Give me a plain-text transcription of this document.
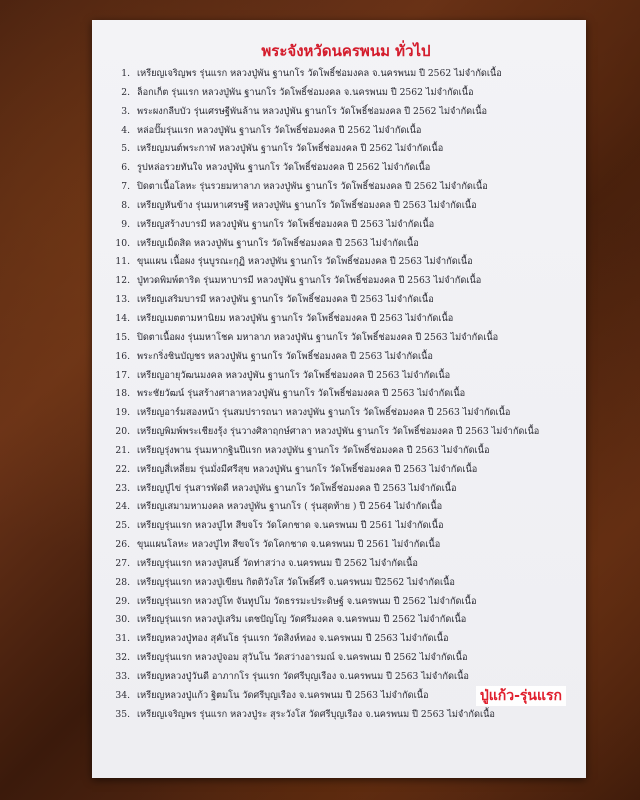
พระจังหวัดนครพนม ทั่วไป
1. เหรียญเจริญพร รุ่นแรก หลวงปู่พัน ฐานกโร วัดโพธิ์ช่อมงคล จ.นครพนม ปี 2562 ไม่จำกัดเนื้อ
2. ล็อกเก็ต รุ่นแรก หลวงปู่พัน ฐานกโร วัดโพธิ์ช่อมงคล จ.นครพนม ปี 2562 ไม่จำกัดเนื้อ
3. พระผงกลีบบัว รุ่นเศรษฐีพันล้าน หลวงปู่พัน ฐานกโร วัดโพธิ์ช่อมงคล ปี 2562 ไม่จำกัดเนื้อ
4. หล่อปั๊มรุ่นแรก หลวงปู่พัน ฐานกโร วัดโพธิ์ช่อมงคล ปี 2562 ไม่จำกัดเนื้อ
5. เหรียญมนต์พระกาฬ หลวงปู่พัน ฐานกโร วัดโพธิ์ช่อมงคล ปี 2562 ไม่จำกัดเนื้อ
6. รูปหล่อรวยทันใจ หลวงปู่พัน ฐานกโร วัดโพธิ์ช่อมงคล ปี 2562 ไม่จำกัดเนื้อ
7. ปิดตาเนื้อโลหะ รุ่นรวยมหาลาภ หลวงปู่พัน ฐานกโร วัดโพธิ์ช่อมงคล ปี 2562 ไม่จำกัดเนื้อ
8. เหรียญหันข้าง รุ่นมหาเศรษฐี หลวงปู่พัน ฐานกโร วัดโพธิ์ช่อมงคล ปี 2563 ไม่จำกัดเนื้อ
9. เหรียญสร้างบารมี หลวงปู่พัน ฐานกโร วัดโพธิ์ช่อมงคล ปี 2563 ไม่จำกัดเนื้อ
10. เหรียญเม็ดสิด หลวงปู่พัน ฐานกโร วัดโพธิ์ช่อมงคล ปี 2563 ไม่จำกัดเนื้อ
11. ขุนแผน เนื้อผง รุ่นบูรณะกุฏิ หลวงปู่พัน ฐานกโร วัดโพธิ์ช่อมงคล ปี 2563 ไม่จำกัดเนื้อ
12. ปู่ทวดพิมพ์ตาริด รุ่นมหาบารมี หลวงปู่พัน ฐานกโร วัดโพธิ์ช่อมงคล ปี 2563 ไม่จำกัดเนื้อ
13. เหรียญเสริมบารมี หลวงปู่พัน ฐานกโร วัดโพธิ์ช่อมงคล ปี 2563 ไม่จำกัดเนื้อ
14. เหรียญเมตตามหานิยม หลวงปู่พัน ฐานกโร วัดโพธิ์ช่อมงคล ปี 2563 ไม่จำกัดเนื้อ
15. ปิดตาเนื้อผง รุ่นมหาโชค มหาลาภ หลวงปู่พัน ฐานกโร วัดโพธิ์ช่อมงคล ปี 2563 ไม่จำกัดเนื้อ
16. พระกริ่งชินบัญชร หลวงปู่พัน ฐานกโร วัดโพธิ์ช่อมงคล ปี 2563 ไม่จำกัดเนื้อ
17. เหรียญอายุวัฒนมงคล หลวงปู่พัน ฐานกโร วัดโพธิ์ช่อมงคล ปี 2563 ไม่จำกัดเนื้อ
18. พระชัยวัฒน์ รุ่นสร้างศาลาหลวงปู่พัน ฐานกโร วัดโพธิ์ช่อมงคล ปี 2563 ไม่จำกัดเนื้อ
19. เหรียญอาร์มสองหน้า รุ่นสมปรารถนา หลวงปู่พัน ฐานกโร วัดโพธิ์ช่อมงคล ปี 2563 ไม่จำกัดเนื้อ
20. เหรียญพิมพ์พระเชียงรุ้ง รุ่นวางศิลาฤกษ์ศาลา หลวงปู่พัน ฐานกโร วัดโพธิ์ช่อมงคล ปี 2563 ไม่จำกัดเนื้อ
21. เหรียญรุ่งพาน รุ่นมหากฐินปีแรก หลวงปู่พัน ฐานกโร วัดโพธิ์ช่อมงคล ปี 2563 ไม่จำกัดเนื้อ
22. เหรียญสี่เหลี่ยม รุ่นมั่งมีศรีสุข หลวงปู่พัน ฐานกโร วัดโพธิ์ช่อมงคล ปี 2563 ไม่จำกัดเนื้อ
23. เหรียญปู่ไข่ รุ่นสารพัดดี หลวงปู่พัน ฐานกโร วัดโพธิ์ช่อมงคล ปี 2563 ไม่จำกัดเนื้อ
24. เหรียญเสมามหามงคล หลวงปู่พัน ฐานกโร ( รุ่นสุดท้าย ) ปี 2564 ไม่จำกัดเนื้อ
25. เหรียญรุ่นแรก หลวงปู่ไท สีขจโร วัดโคกชาด จ.นครพนม ปี 2561 ไม่จำกัดเนื้อ
26. ขุนแผนโลหะ หลวงปู่ไท สีขจโร วัดโคกชาด จ.นครพนม ปี 2561 ไม่จำกัดเนื้อ
27. เหรียญรุ่นแรก หลวงปู่สนธิ์ วัดท่าสว่าง จ.นครพนม ปี 2562 ไม่จำกัดเนื้อ
28. เหรียญรุ่นแรก หลวงปู่เขียน กิตติวังโส วัดโพธิ์ศรี จ.นครพนม ปี2562 ไม่จำกัดเนื้อ
29. เหรียญรุ่นแรก หลวงปู่โท จันทูปโม วัดธรรมะประดิษฐ์ จ.นครพนม ปี 2562 ไม่จำกัดเนื้อ
30. เหรียญรุ่นแรก หลวงปู่เสริม เตชปัญโญ วัดศรีมงคล จ.นครพนม ปี 2562 ไม่จำกัดเนื้อ
31. เหรียญหลวงปู่ทอง สุคันโธ รุ่นแรก วัดสิงห์ทอง จ.นครพนม ปี 2563 ไม่จำกัดเนื้อ
32. เหรียญรุ่นแรก หลวงปู่จอม สุวันโน วัดสว่างอารมณ์ จ.นครพนม ปี 2562 ไม่จำกัดเนื้อ
33. เหรียญหลวงปู่วันดี อาภากโร รุ่นแรก วัดศรีบุญเรือง จ.นครพนม ปี 2563 ไม่จำกัดเนื้อ
34. เหรียญหลวงปู่แก้ว ฐิตมโน วัดศรีบุญเรือง จ.นครพนม ปี 2563 ไม่จำกัดเนื้อ
35. เหรียญเจริญพร รุ่นแรก หลวงปู่ระ สุระวังโส วัดศรีบุญเรือง จ.นครพนม ปี 2563 ไม่จำกัดเนื้อ
ปู่แก้ว-รุ่นแรก
